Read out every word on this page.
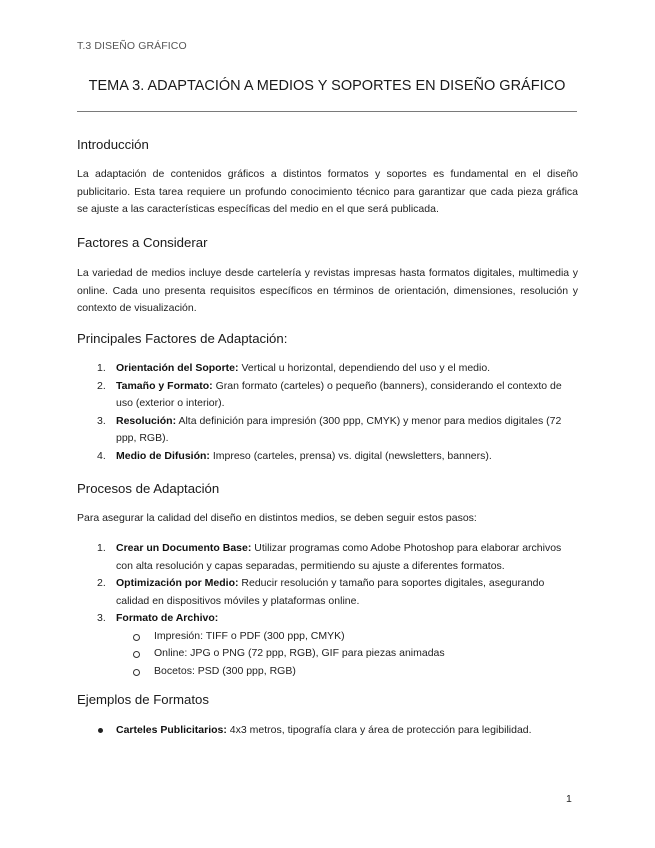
T.3 DISEÑO GRÁFICO
TEMA 3. ADAPTACIÓN A MEDIOS Y SOPORTES EN DISEÑO GRÁFICO
Introducción
La adaptación de contenidos gráficos a distintos formatos y soportes es fundamental en el diseño publicitario. Esta tarea requiere un profundo conocimiento técnico para garantizar que cada pieza gráfica se ajuste a las características específicas del medio en el que será publicada.
Factores a Considerar
La variedad de medios incluye desde cartelería y revistas impresas hasta formatos digitales, multimedia y online. Cada uno presenta requisitos específicos en términos de orientación, dimensiones, resolución y contexto de visualización.
Principales Factores de Adaptación:
1. Orientación del Soporte: Vertical u horizontal, dependiendo del uso y el medio.
2. Tamaño y Formato: Gran formato (carteles) o pequeño (banners), considerando el contexto de uso (exterior o interior).
3. Resolución: Alta definición para impresión (300 ppp, CMYK) y menor para medios digitales (72 ppp, RGB).
4. Medio de Difusión: Impreso (carteles, prensa) vs. digital (newsletters, banners).
Procesos de Adaptación
Para asegurar la calidad del diseño en distintos medios, se deben seguir estos pasos:
1. Crear un Documento Base: Utilizar programas como Adobe Photoshop para elaborar archivos con alta resolución y capas separadas, permitiendo su ajuste a diferentes formatos.
2. Optimización por Medio: Reducir resolución y tamaño para soportes digitales, asegurando calidad en dispositivos móviles y plataformas online.
3. Formato de Archivo:
Impresión: TIFF o PDF (300 ppp, CMYK)
Online: JPG o PNG (72 ppp, RGB), GIF para piezas animadas
Bocetos: PSD (300 ppp, RGB)
Ejemplos de Formatos
Carteles Publicitarios: 4x3 metros, tipografía clara y área de protección para legibilidad.
1
